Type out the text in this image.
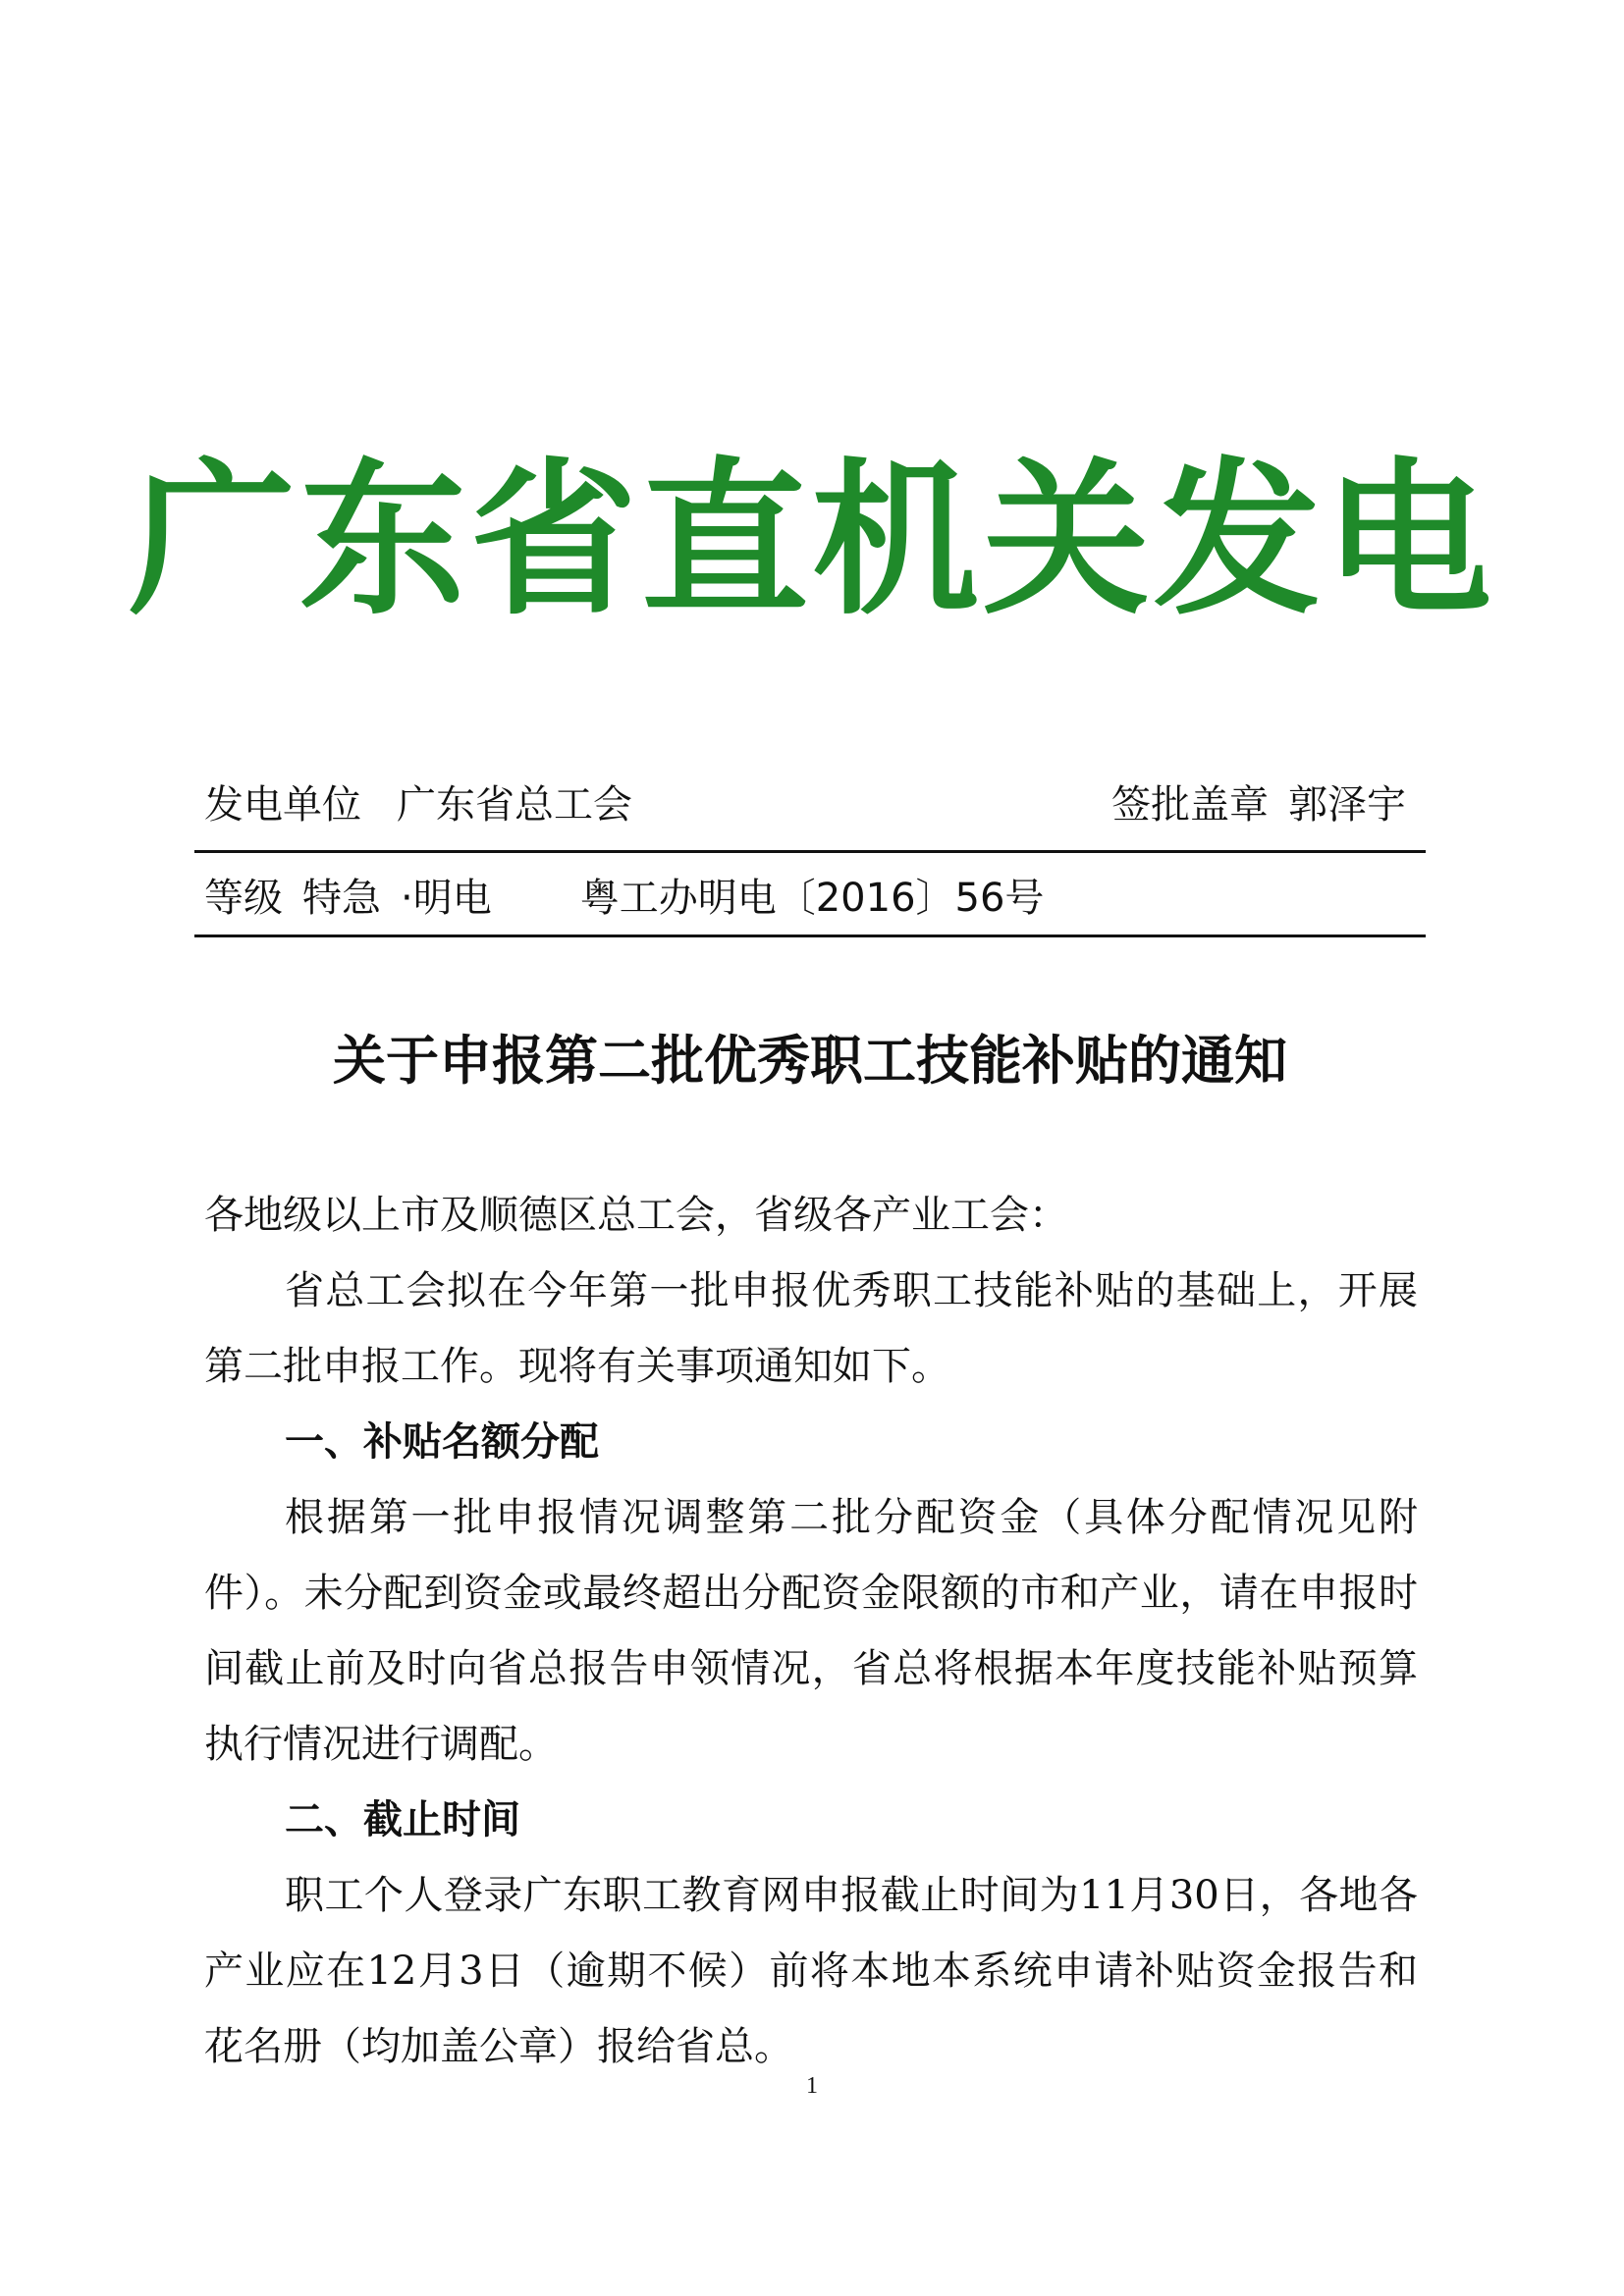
广东省直机关发电
发电单位 广东省总工会	签批盖章 郭泽宇
等级 特急 ·明电 粤工办明电〔2016〕56号
关于申报第二批优秀职工技能补贴的通知

各地级以上市及顺德区总工会，省级各产业工会：

省总工会拟在今年第一批申报优秀职工技能补贴的基础上，开展第二批申报工作。现将有关事项通知如下。

一、补贴名额分配

根据第一批申报情况调整第二批分配资金（具体分配情况见附件）。未分配到资金或最终超出分配资金限额的市和产业，请在申报时间截止前及时向省总报告申领情况，省总将根据本年度技能补贴预算执行情况进行调配。

二、截止时间

职工个人登录广东职工教育网申报截止时间为11月30日，各地各产业应在12月3日（逾期不候）前将本地本系统申请补贴资金报告和花名册（均加盖公章）报给省总。

1
